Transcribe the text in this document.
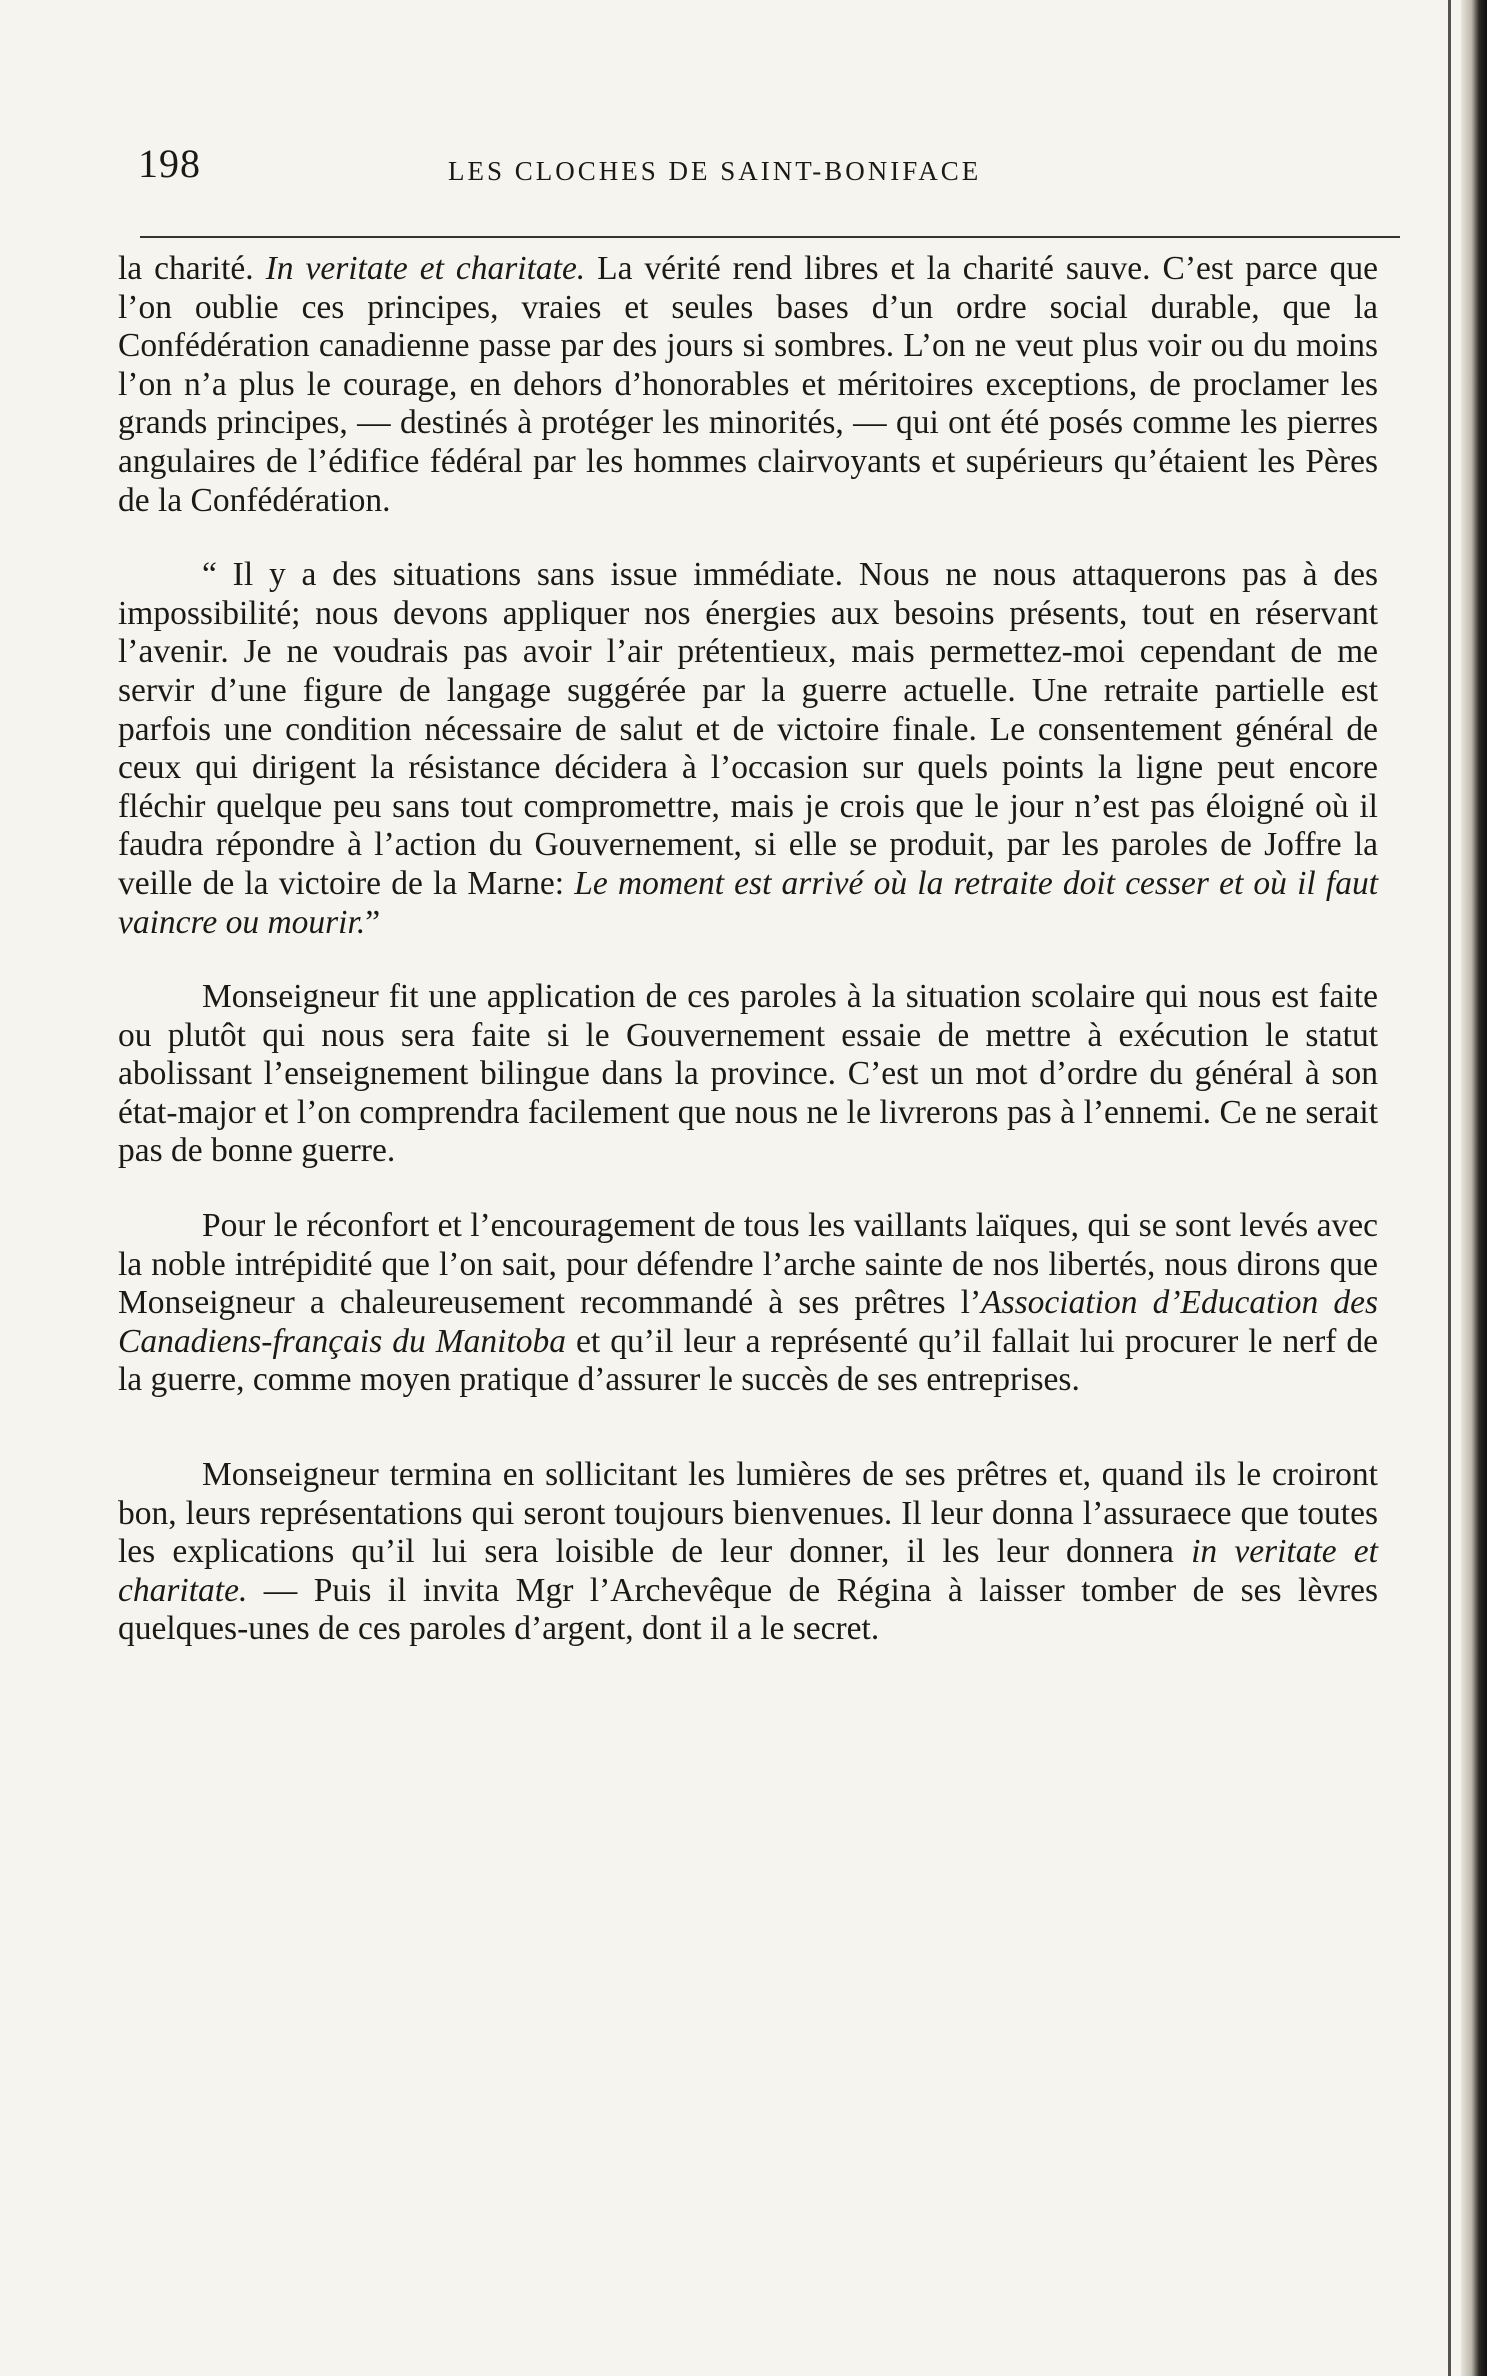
198	LES CLOCHES DE SAINT-BONIFACE

la charité. In veritate et charitate. La vérité rend libres et la charité sauve. C’est parce que l’on oublie ces principes, vraies et seules bases d’un ordre social durable, que la Confédération canadienne passe par des jours si sombres. L’on ne veut plus voir ou du moins l’on n’a plus le courage, en dehors d’honorables et méritoires exceptions, de proclamer les grands principes, — destinés à protéger les minorités, — qui ont été posés comme les pierres angulaires de l’édifice fédéral par les hommes clairvoyants et supérieurs qu’étaient les Pères de la Confédération.

“ Il y a des situations sans issue immédiate. Nous ne nous attaquerons pas à des impossibilité; nous devons appliquer nos énergies aux besoins présents, tout en réservant l’avenir. Je ne voudrais pas avoir l’air prétentieux, mais permettez-moi cependant de me servir d’une figure de langage suggérée par la guerre actuelle. Une retraite partielle est parfois une condition nécessaire de salut et de victoire finale. Le consentement général de ceux qui dirigent la résistance décidera à l’occasion sur quels points la ligne peut encore fléchir quelque peu sans tout compromettre, mais je crois que le jour n’est pas éloigné où il faudra répondre à l’action du Gouvernement, si elle se produit, par les paroles de Joffre la veille de la victoire de la Marne: Le moment est arrivé où la retraite doit cesser et où il faut vaincre ou mourir.”

Monseigneur fit une application de ces paroles à la situation scolaire qui nous est faite ou plutôt qui nous sera faite si le Gouvernement essaie de mettre à exécution le statut abolissant l’enseignement bilingue dans la province. C’est un mot d’ordre du général à son état-major et l’on comprendra facilement que nous ne le livrerons pas à l’ennemi. Ce ne serait pas de bonne guerre.

Pour le réconfort et l’encouragement de tous les vaillants laïques, qui se sont levés avec la noble intrépidité que l’on sait, pour défendre l’arche sainte de nos libertés, nous dirons que Monseigneur a chaleureusement recommandé à ses prêtres l’Association d’Education des Canadiens-français du Manitoba et qu’il leur a représenté qu’il fallait lui procurer le nerf de la guerre, comme moyen pratique d’assurer le succès de ses entreprises.

Monseigneur termina en sollicitant les lumières de ses prêtres et, quand ils le croiront bon, leurs représentations qui seront toujours bienvenues. Il leur donna l’assuraece que toutes les explications qu’il lui sera loisible de leur donner, il les leur donnera in veritate et charitate. — Puis il invita Mgr l’Archevêque de Régina à laisser tomber de ses lèvres quelques-unes de ces paroles d’argent, dont il a le secret.
